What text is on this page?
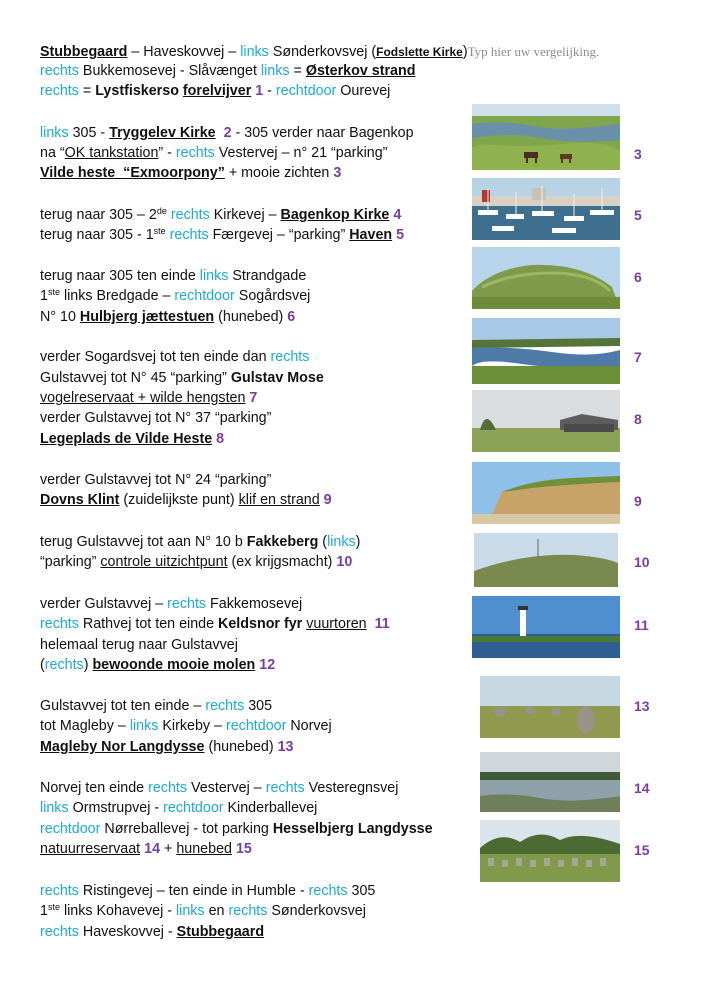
Stubbegaard – Haveskovvej – links Sønderkovsvej (Fodslette Kirke)Typ hier uw vergelijking.
rechts Bukkemosevej - Slåvænget links = Østerkov strand
rechts = Lystfiskerso forelvijver 1 - rechtdoor Ourevej
links 305 - Tryggelev Kirke  2 - 305 verder naar Bagenkop
na “OK tankstation” - rechts Vestervej – n° 21 “parking”
Vilde heste  “Exmoorpony” + mooie zichten 3
terug naar 305 – 2de rechts Kirkevej – Bagenkop Kirke 4
terug naar 305 - 1ste rechts Færgevej – “parking” Haven 5
terug naar 305 ten einde links Strandgade
1ste links Bredgade – rechtdoor Sogårdsvej
N° 10 Hulbjerg jættestuen (hunebed) 6
verder Sogardsvej tot ten einde dan rechts
Gulstavvej tot N° 45 “parking” Gulstav Mose
vogelreservaat + wilde hengsten 7
verder Gulstavvej tot N° 37 “parking”
Legeplads de Vilde Heste 8
verder Gulstavvej tot N° 24 “parking”
Dovns Klint (zuidelijkste punt) klif en strand 9
terug Gulstavvej tot aan N° 10 b Fakkeberg (links)
“parking” controle uitzichtpunt (ex krijgsmacht) 10
verder Gulstavvej – rechts Fakkemosevej
rechts Rathvej tot ten einde Keldsnor fyr vuurtoren  11
helemaal terug naar Gulstavvej
(rechts) bewoonde mooie molen 12
Gulstavvej tot ten einde – rechts 305
tot Magleby – links Kirkeby – rechtdoor Norvej
Magleby Nor Langdysse (hunebed) 13
Norvej ten einde rechts Vestervej – rechts Vesteregnsvej
links Ormstrupvej - rechtdoor Kinderballevej
rechtdoor Nørreballevej - tot parking Hesselbjerg Langdysse
natuurreservaat 14 + hunebed 15
rechts Ristingevej – ten einde in Humble - rechts 305
1ste links Kohavevej - links en rechts Sønderkovsvej
rechts Haveskovvej - Stubbegaard
3
5
6
7
8
9
10
11
13
14
15
